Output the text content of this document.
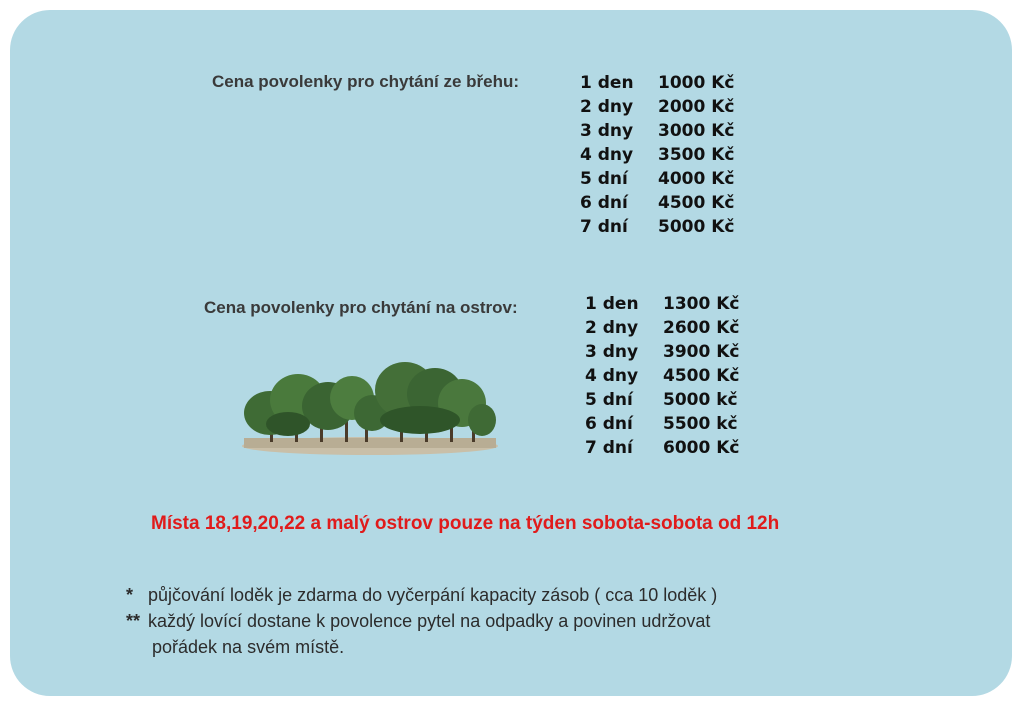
Cena povolenky pro chytání ze břehu:	1 den 1000 Kč
2 dny 2000 Kč
3 dny 3000 Kč
4 dny 3500 Kč
5 dní 4000 Kč
6 dní 4500 Kč
7 dní 5000 Kč
Cena povolenky pro chytání na ostrov:	1 den 1300 Kč
2 dny 2600 Kč
3 dny 3900 Kč
4 dny 4500 Kč
5 dní 5000 kč
6 dní 5500 kč
7 dní 6000 Kč
Místa 18,19,20,22 a malý ostrov pouze na týden sobota-sobota od 12h
* půjčování loděk je zdarma do vyčerpání kapacity zásob ( cca 10 loděk )
** každý lovící dostane k povolence pytel na odpadky a povinen udržovat
pořádek na svém místě.
